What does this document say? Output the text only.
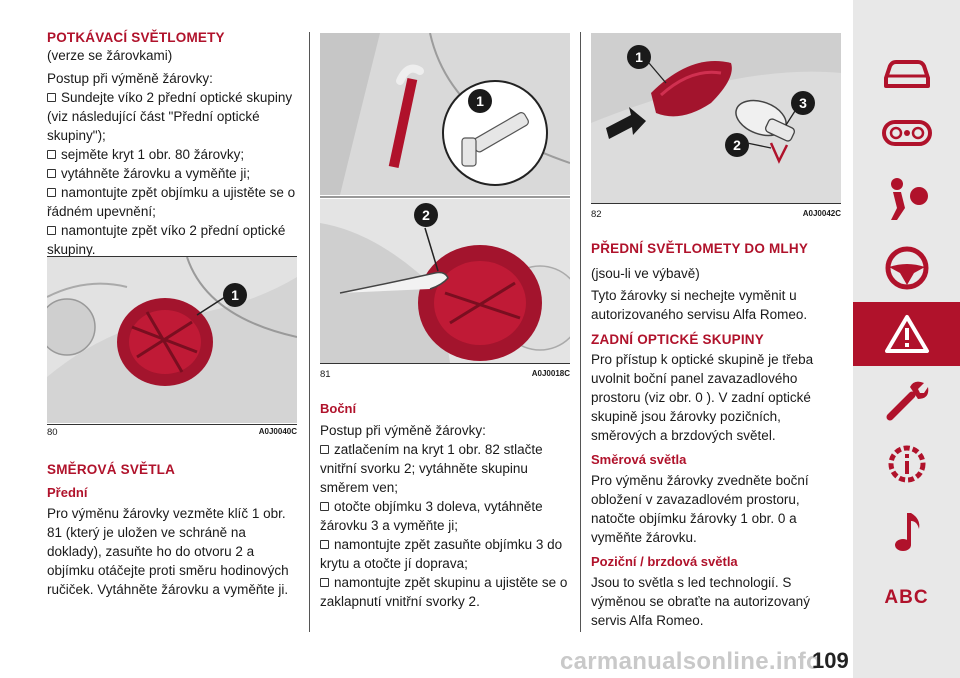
POTKÁVACÍ SVĚTLOMETY

(verze se žárovkami)

Postup při výměně žárovky:

Sundejte víko 2 přední optické skupiny (viz následující část "Přední optické skupiny");

sejměte kryt 1 obr. 80 žárovky;

vytáhněte žárovku a vyměňte ji;

namontujte zpět objímku a ujistěte se o řádném upevnění;

namontujte zpět víko 2 přední optické skupiny.

1
80	A0J0040C

SMĚROVÁ SVĚTLA

Přední

Pro výměnu žárovky vezměte klíč 1 obr. 81 (který je uložen ve schráně na doklady), zasuňte ho do otvoru 2 a objímku otáčejte proti směru hodinových ručiček. Vytáhněte žárovku a vyměňte ji.

1
2
81	A0J0018C

Boční

Postup při výměně žárovky:

zatlačením na kryt 1 obr. 82 stlačte vnitřní svorku 2; vytáhněte skupinu směrem ven;

otočte objímku 3 doleva, vytáhněte žárovku 3 a vyměňte ji;

namontujte zpět zasuňte objímku 3 do krytu a otočte jí doprava;

namontujte zpět skupinu a ujistěte se o zaklapnutí vnitřní svorky 2.

1
2
3
82	A0J0042C

PŘEDNÍ SVĚTLOMETY DO MLHY

(jsou-li ve výbavě)

Tyto žárovky si nechejte vyměnit u autorizovaného servisu Alfa Romeo.

ZADNÍ OPTICKÉ SKUPINY

Pro přístup k optické skupině je třeba uvolnit boční panel zavazadlového prostoru (viz obr. 0 ). V zadní optické skupině jsou žárovky pozičních, směrových a brzdových světel.

Směrová světla

Pro výměnu žárovky zvedněte boční obložení v zavazadlovém prostoru, natočte objímku žárovky 1 obr. 0 a vyměňte žárovku.

Poziční / brzdová světla

Jsou to světla s led technologií. S výměnou se obraťte na autorizovaný servis Alfa Romeo.

ABC
carmanualsonline.info
109
